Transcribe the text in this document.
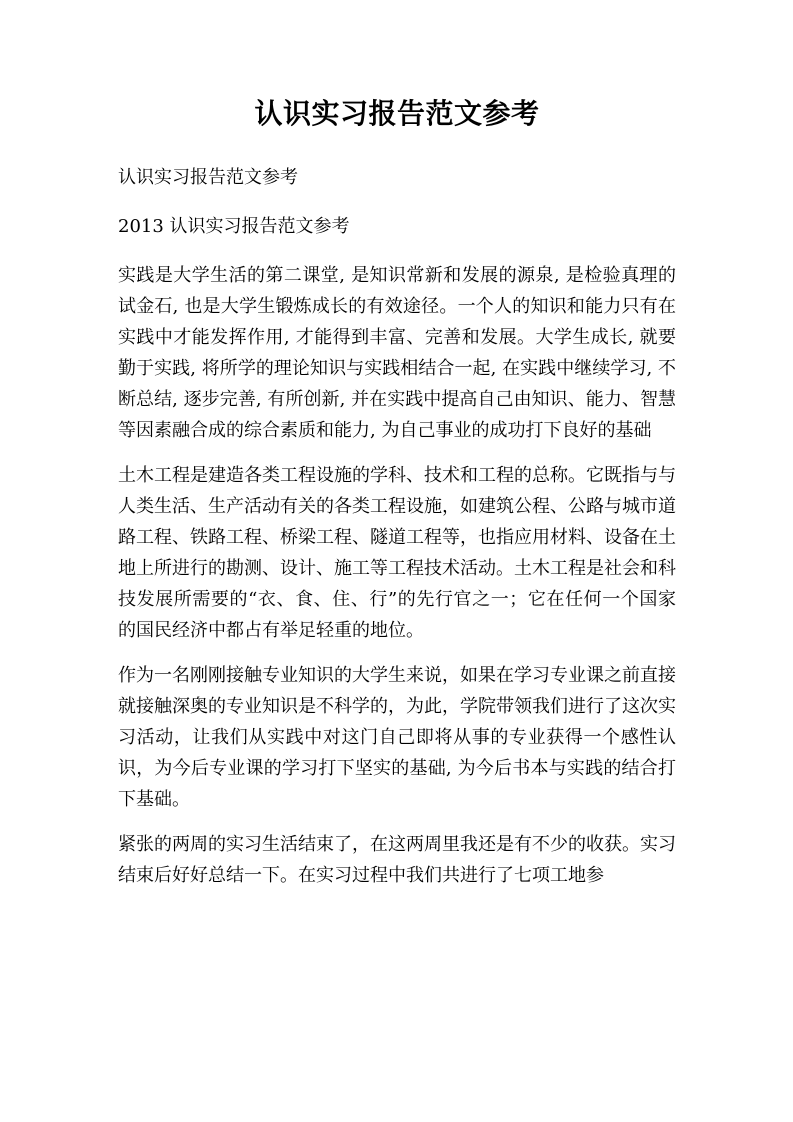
认识实习报告范文参考

认识实习报告范文参考

2013 认识实习报告范文参考

实践是大学生活的第二课堂, 是知识常新和发展的源泉, 是检验真理的试金石, 也是大学生锻炼成长的有效途径。一个人的知识和能力只有在实践中才能发挥作用, 才能得到丰富、完善和发展。大学生成长, 就要勤于实践, 将所学的理论知识与实践相结合一起, 在实践中继续学习, 不断总结, 逐步完善, 有所创新, 并在实践中提高自己由知识、能力、智慧等因素融合成的综合素质和能力, 为自己事业的成功打下良好的基础

土木工程是建造各类工程设施的学科、技术和工程的总称。它既指与与人类生活、生产活动有关的各类工程设施，如建筑公程、公路与城市道路工程、铁路工程、桥梁工程、隧道工程等，也指应用材料、设备在土地上所进行的勘测、设计、施工等工程技术活动。土木工程是社会和科技发展所需要的“衣、食、住、行”的先行官之一；它在任何一个国家的国民经济中都占有举足轻重的地位。

作为一名刚刚接触专业知识的大学生来说，如果在学习专业课之前直接就接触深奥的专业知识是不科学的，为此，学院带领我们进行了这次实习活动，让我们从实践中对这门自己即将从事的专业获得一个感性认识，为今后专业课的学习打下坚实的基础, 为今后书本与实践的结合打下基础。

紧张的两周的实习生活结束了，在这两周里我还是有不少的收获。实习结束后好好总结一下。在实习过程中我们共进行了七项工地参
